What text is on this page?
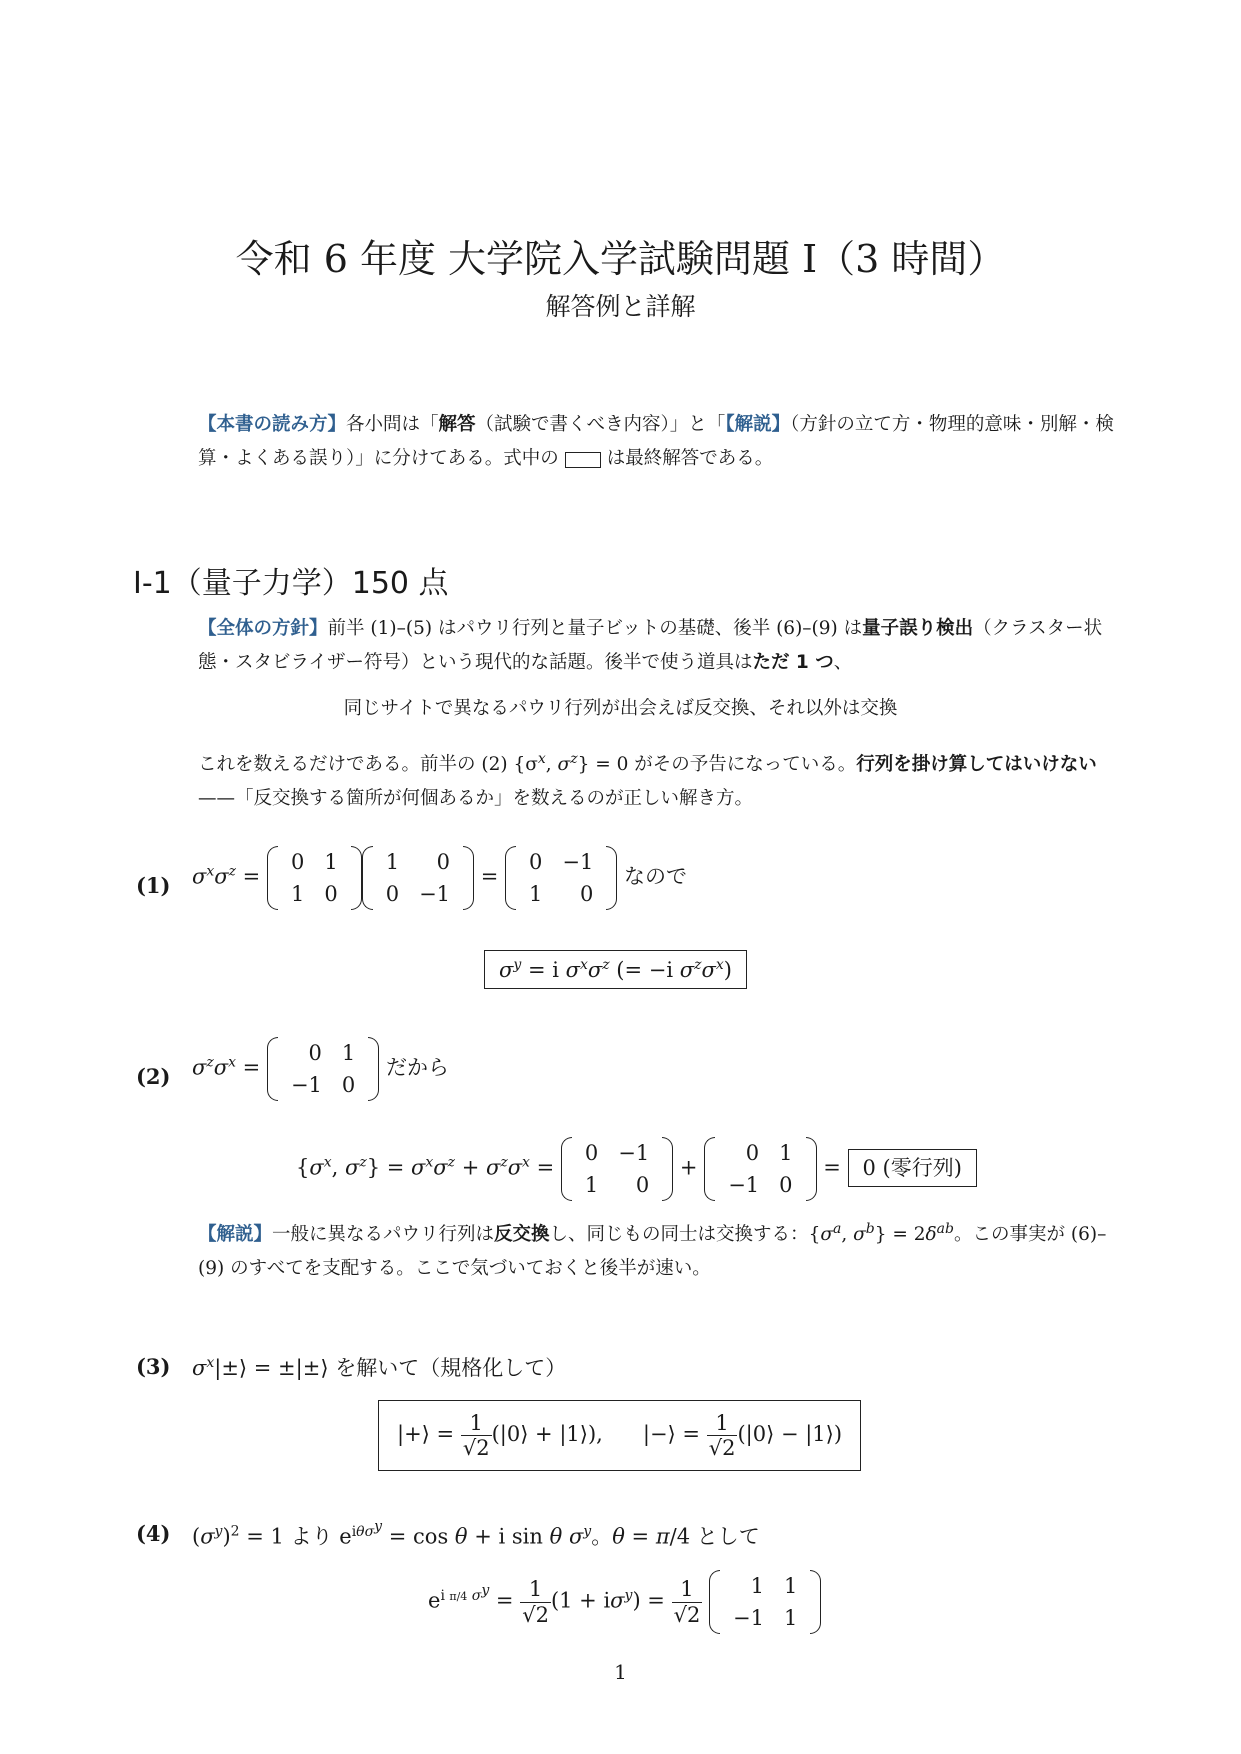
令和 6 年度 大学院入学試験問題 I（3 時間）
解答例と詳解
【本書の読み方】各小問は「解答（試験で書くべき内容）」と「【解説】（方針の立て方・物理的意味・別解・検算・よくある誤り）」に分けてある。式中の	は最終解答である。
I-1（量子力学）150 点
【全体の方針】前半 (1)–(5) はパウリ行列と量子ビットの基礎、後半 (6)–(9) は量子誤り検出（クラスター状態・スタビライザー符号）という現代的な話題。後半で使う道具はただ 1 つ、
同じサイトで異なるパウリ行列が出会えば反交換、それ以外は交換
これを数えるだけである。前半の (2) {$\sigma^x$, $\sigma^z\} = 0$ がその予告になっている。行列を掛け算してはいけない——「反交換する箇所が何個あるか」を数えるのが正しい解き方。
(1) $\sigma^x\sigma^z$ =
0	1
1	0
1	0
0	−1
=
0	−1
1	0
なので
$\sigma^y = i$ $\sigma^x\sigma^z$ (= −i $\sigma^z\sigma^x$)
(2) $\sigma^z\sigma^x$ =
0	1
−1	0
だから
{$\sigma^x$, $\sigma^z\} = \sigma^x\sigma^z + \sigma^z\sigma^x$ =
0	−1
1	0
+
0	1
−1	0
= 0 (零行列)
【解説】一般に異なるパウリ行列は反交換し、同じもの同士は交換する：{$\sigma^a$, $\sigma^b\} = 2\delta^{ab}$。この事実が (6)–(9) のすべてを支配する。ここで気づいておくと後半が速い。
(3) $\sigma^x|\pm⟩$ = ±|±⟩ を解いて（規格化して）
|+⟩ = $\frac{1}{√2}$ (|0⟩ + |1⟩),      |−⟩ = $\frac{1}{√2}$ (|0⟩ − |1⟩)
(4) $(\sigma^y)^2 = 1$ より $e^{i\theta\sigma^y} = \cos \theta + i$ sin θ $\sigma^y$。θ = π/4 として
$e^{i \pi/4 \sigma^y} = \frac{1}{√2} (1 + i\sigma^y) = \frac{1}{√2}$
1	1
−1	1
1
